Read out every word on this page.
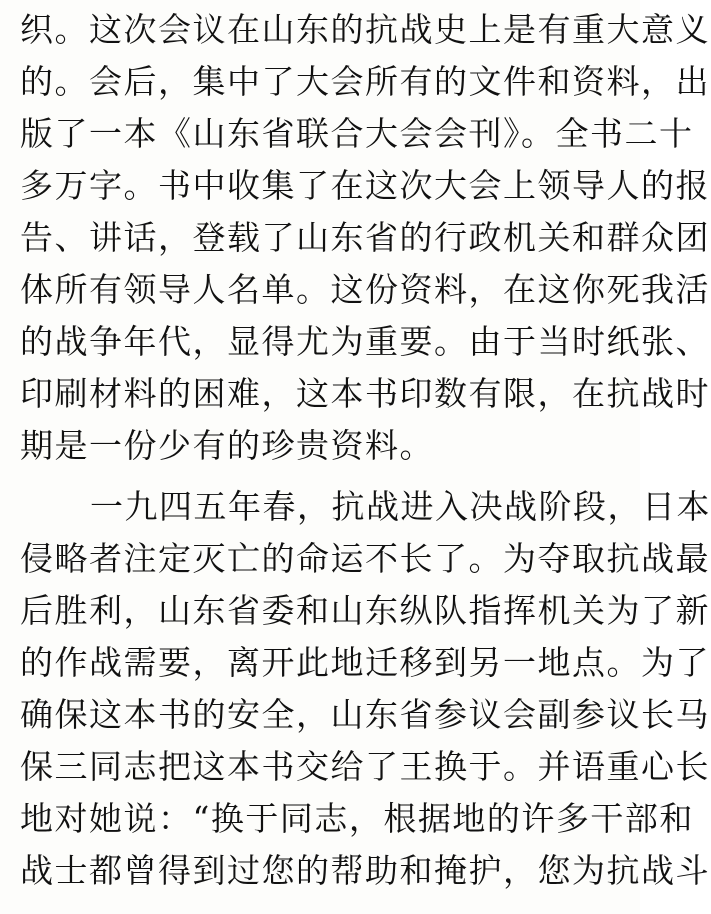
织。这次会议在山东的抗战史上是有重大意义
的。会后，集中了大会所有的文件和资料，出
版了一本《山东省联合大会会刊》。全书二十
多万字。书中收集了在这次大会上领导人的报
告、讲话，登载了山东省的行政机关和群众团
体所有领导人名单。这份资料，在这你死我活
的战争年代，显得尤为重要。由于当时纸张、
印刷材料的困难，这本书印数有限，在抗战时
期是一份少有的珍贵资料。
一九四五年春，抗战进入决战阶段，日本
侵略者注定灭亡的命运不长了。为夺取抗战最
后胜利，山东省委和山东纵队指挥机关为了新
的作战需要，离开此地迁移到另一地点。为了
确保这本书的安全，山东省参议会副参议长马
保三同志把这本书交给了王换于。并语重心长
地对她说：“换于同志，根据地的许多干部和
战士都曾得到过您的帮助和掩护，您为抗战斗
